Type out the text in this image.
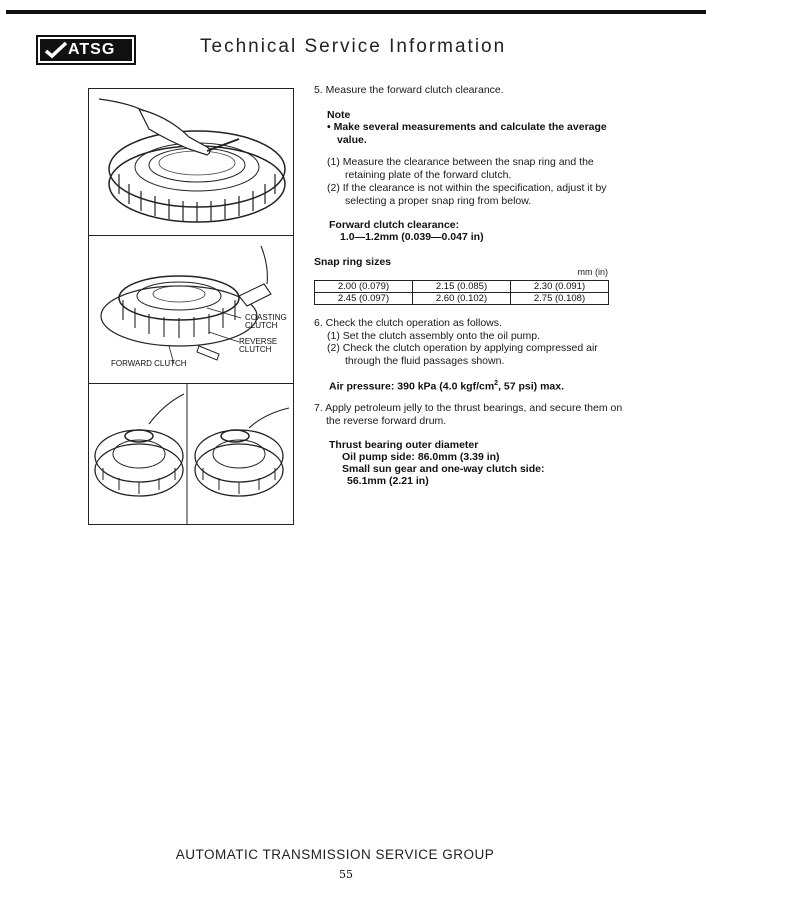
ATSG	Technical Service Information
COASTING CLUTCH
REVERSE CLUTCH
FORWARD CLUTCH
5. Measure the forward clutch clearance.
Note
• Make several measurements and calculate the average value.
(1) Measure the clearance between the snap ring and the retaining plate of the forward clutch.
(2) If the clearance is not within the specification, adjust it by selecting a proper snap ring from below.
Forward clutch clearance:
1.0—1.2mm (0.039—0.047 in)
Snap ring sizes
mm (in)
2.00 (0.079)	2.15 (0.085)	2.30 (0.091)
2.45 (0.097)	2.60 (0.102)	2.75 (0.108)
6. Check the clutch operation as follows.
(1) Set the clutch assembly onto the oil pump.
(2) Check the clutch operation by applying compressed air through the fluid passages shown.
Air pressure: 390 kPa (4.0 kgf/$cm^2$, 57 psi) max.
7. Apply petroleum jelly to the thrust bearings, and secure them on the reverse forward drum.
Thrust bearing outer diameter
Oil pump side: 86.0mm (3.39 in)
Small sun gear and one-way clutch side:
56.1mm (2.21 in)
AUTOMATIC TRANSMISSION SERVICE GROUP
55
